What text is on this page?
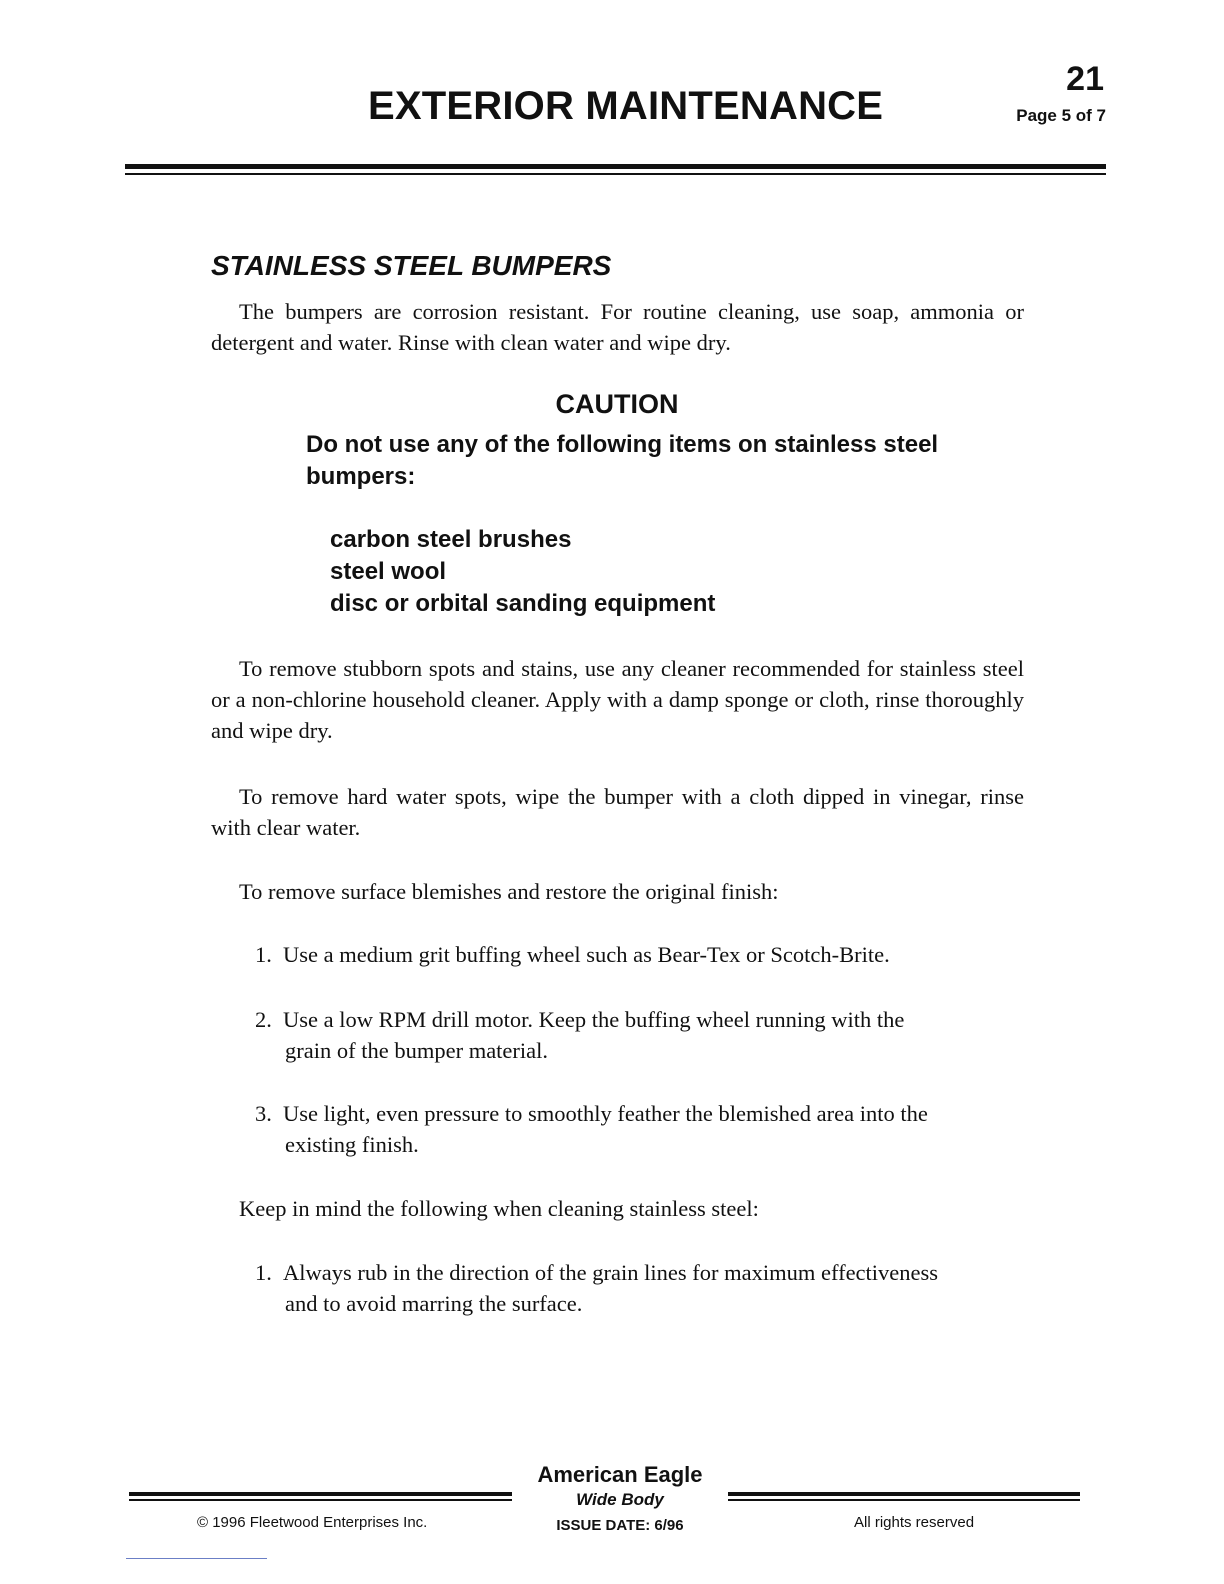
EXTERIOR MAINTENANCE
21
Page 5 of 7
STAINLESS STEEL BUMPERS
The bumpers are corrosion resistant. For routine cleaning, use soap, ammonia or detergent and water. Rinse with clean water and wipe dry.
CAUTION
Do not use any of the following items on stainless steel bumpers:
carbon steel brushes
steel wool
disc or orbital sanding equipment
To remove stubborn spots and stains, use any cleaner recommended for stainless steel or a non-chlorine household cleaner. Apply with a damp sponge or cloth, rinse thoroughly and wipe dry.
To remove hard water spots, wipe the bumper with a cloth dipped in vinegar, rinse with clear water.
To remove surface blemishes and restore the original finish:
1. Use a medium grit buffing wheel such as Bear-Tex or Scotch-Brite.
2. Use a low RPM drill motor. Keep the buffing wheel running with the
grain of the bumper material.
3. Use light, even pressure to smoothly feather the blemished area into the
existing finish.
Keep in mind the following when cleaning stainless steel:
1. Always rub in the direction of the grain lines for maximum effectiveness
and to avoid marring the surface.
American Eagle
Wide Body
ISSUE DATE: 6/96
© 1996 Fleetwood Enterprises Inc.	All rights reserved
